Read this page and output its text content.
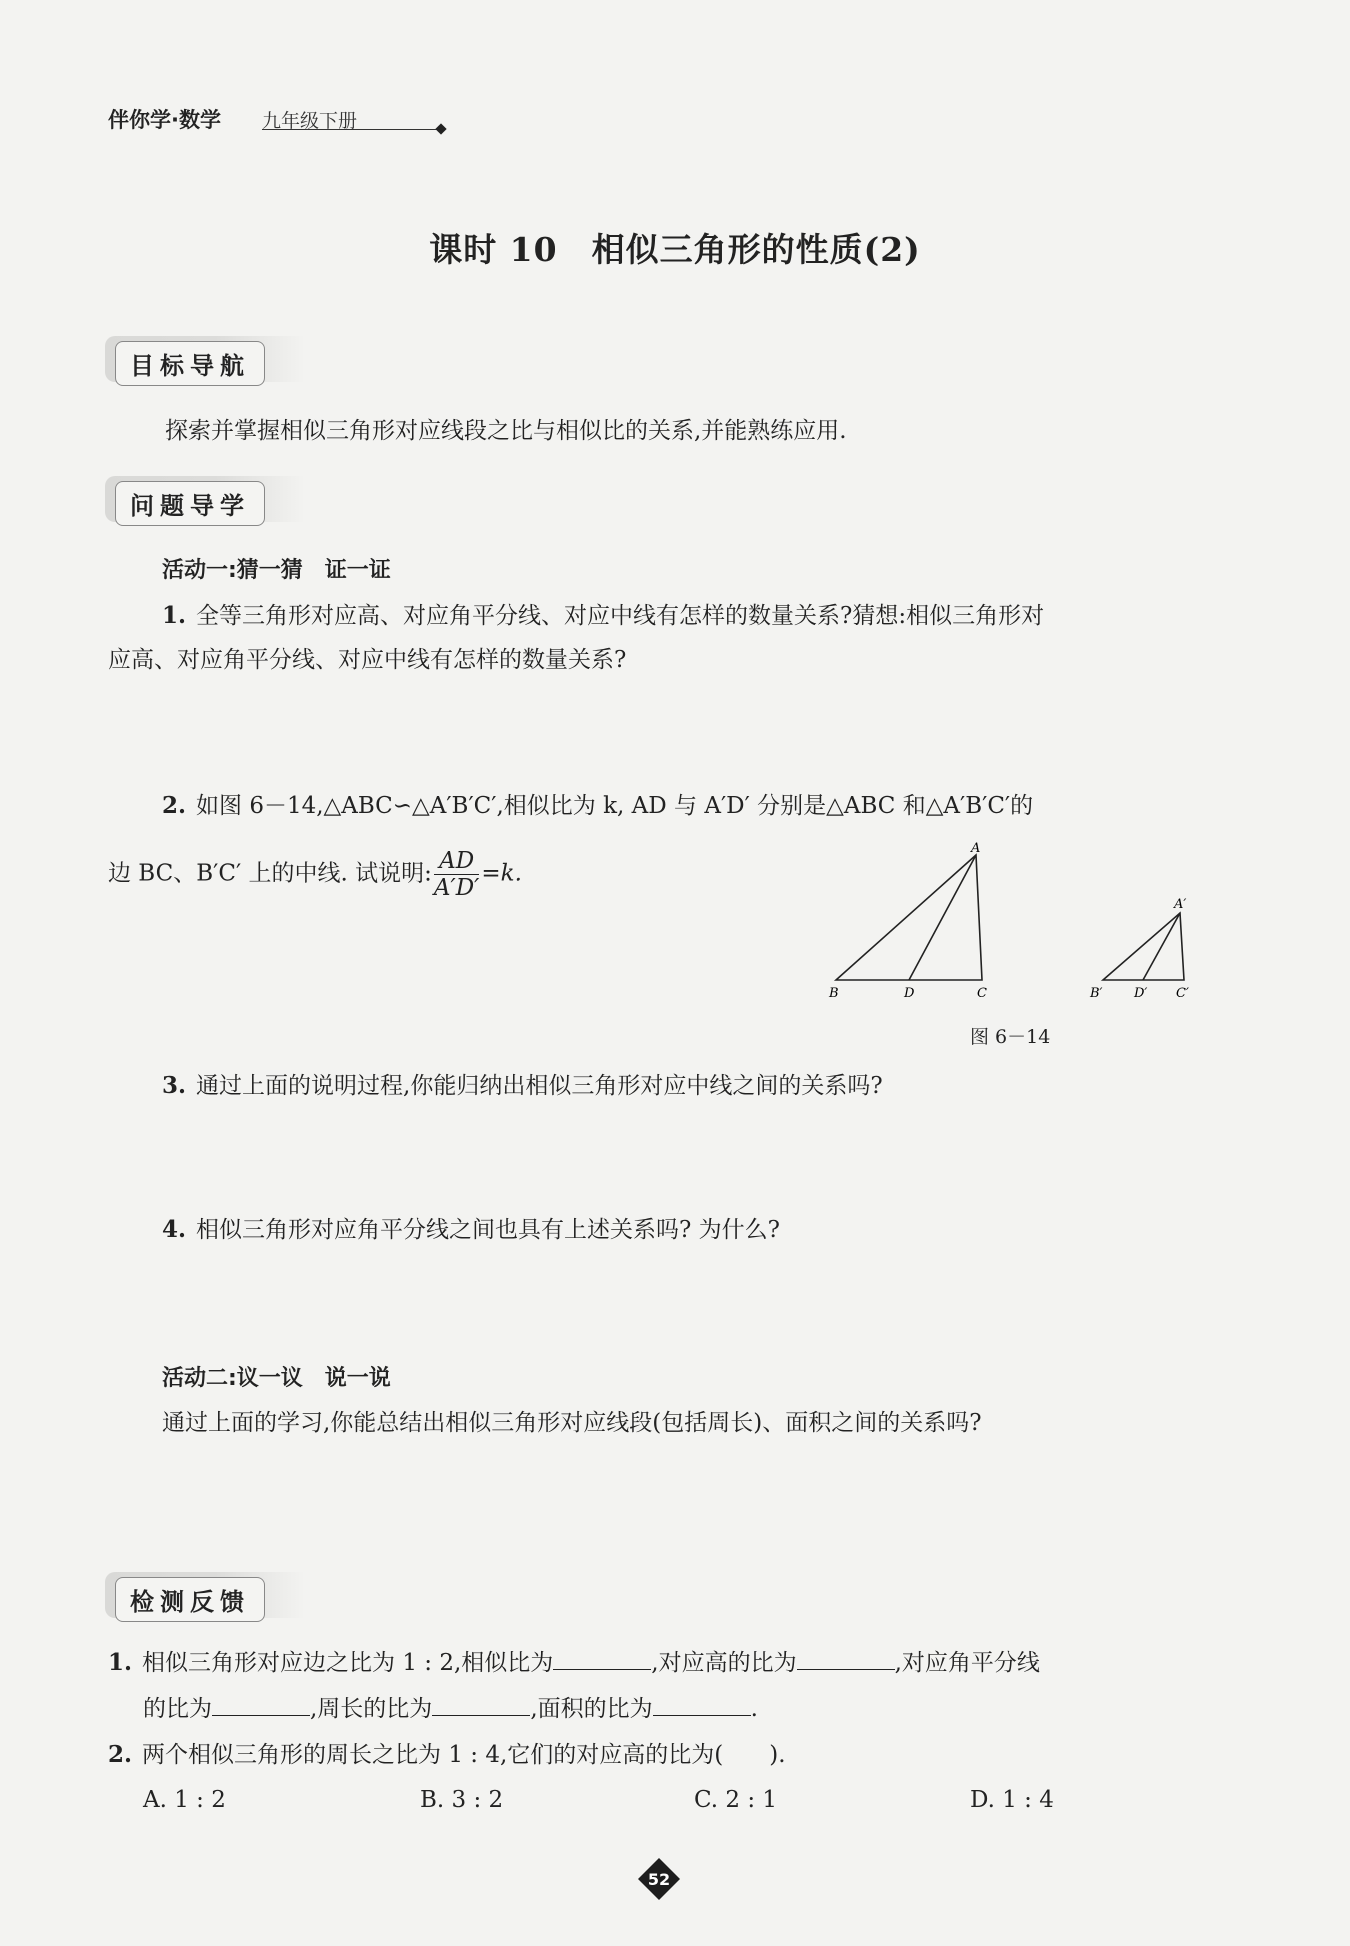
伴你学·数学 九年级下册
课时 10　相似三角形的性质(2)
目标导航
探索并掌握相似三角形对应线段之比与相似比的关系,并能熟练应用.
问题导学
活动一:猜一猜　证一证
1. 全等三角形对应高、对应角平分线、对应中线有怎样的数量关系?猜想:相似三角形对
应高、对应角平分线、对应中线有怎样的数量关系?
2. 如图 6－14,△ABC∽△A′B′C′,相似比为 k, AD 与 A′D′ 分别是△ABC 和△A′B′C′的
边 BC、B′C′ 上的中线. 试说明: $\frac{AD}{A'D'} =k$.
A
B	D	C
A′
B′ D′ C′
图 6－14
3. 通过上面的说明过程,你能归纳出相似三角形对应中线之间的关系吗?
4. 相似三角形对应角平分线之间也具有上述关系吗? 为什么?
活动二:议一议　说一说
通过上面的学习,你能总结出相似三角形对应线段(包括周长)、面积之间的关系吗?
检测反馈
1. 相似三角形对应边之比为 1 : 2,相似比为	,对应高的比为	,对应角平分线
的比为	,周长的比为	,面积的比为	.
2. 两个相似三角形的周长之比为 1 : 4,它们的对应高的比为(　　).
A. 1 : 2	B. 3 : 2	C. 2 : 1	D. 1 : 4
52
